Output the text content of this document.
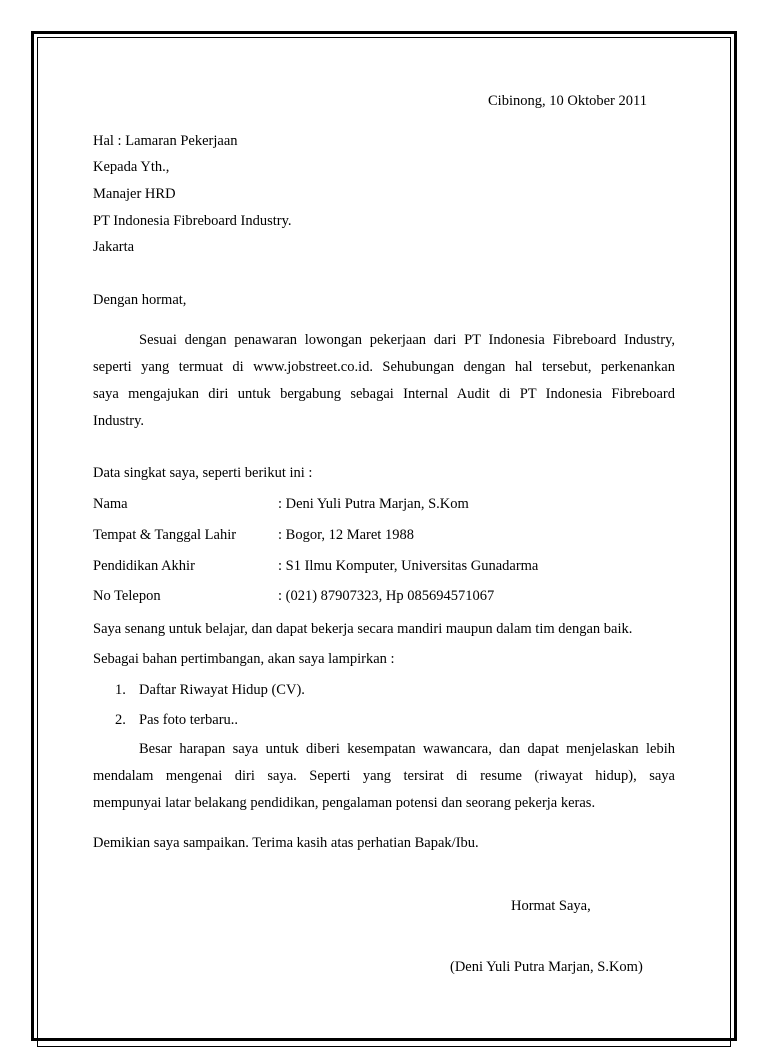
Cibinong, 10 Oktober 2011
Hal : Lamaran Pekerjaan
Kepada Yth.,
Manajer HRD
PT Indonesia Fibreboard Industry.
Jakarta
Dengan hormat,
Sesuai dengan penawaran lowongan pekerjaan dari PT Indonesia Fibreboard Industry,
seperti yang termuat di www.jobstreet.co.id. Sehubungan dengan hal tersebut, perkenankan
saya mengajukan diri untuk bergabung sebagai Internal Audit di PT Indonesia Fibreboard
Industry.
Data singkat saya, seperti berikut ini :
Nama	: Deni Yuli Putra Marjan, S.Kom
Tempat & Tanggal Lahir	: Bogor, 12 Maret 1988
Pendidikan Akhir	: S1 Ilmu Komputer, Universitas Gunadarma
No Telepon	: (021) 87907323, Hp 085694571067
Saya senang untuk belajar, dan dapat bekerja secara mandiri maupun dalam tim dengan baik.
Sebagai bahan pertimbangan, akan saya lampirkan :
1. Daftar Riwayat Hidup (CV).
2. Pas foto terbaru..
Besar harapan saya untuk diberi kesempatan wawancara, dan dapat menjelaskan lebih
mendalam mengenai diri saya. Seperti yang tersirat di resume (riwayat hidup), saya
mempunyai latar belakang pendidikan, pengalaman potensi dan seorang pekerja keras.
Demikian saya sampaikan. Terima kasih atas perhatian Bapak/Ibu.
Hormat Saya,
(Deni Yuli Putra Marjan, S.Kom)
